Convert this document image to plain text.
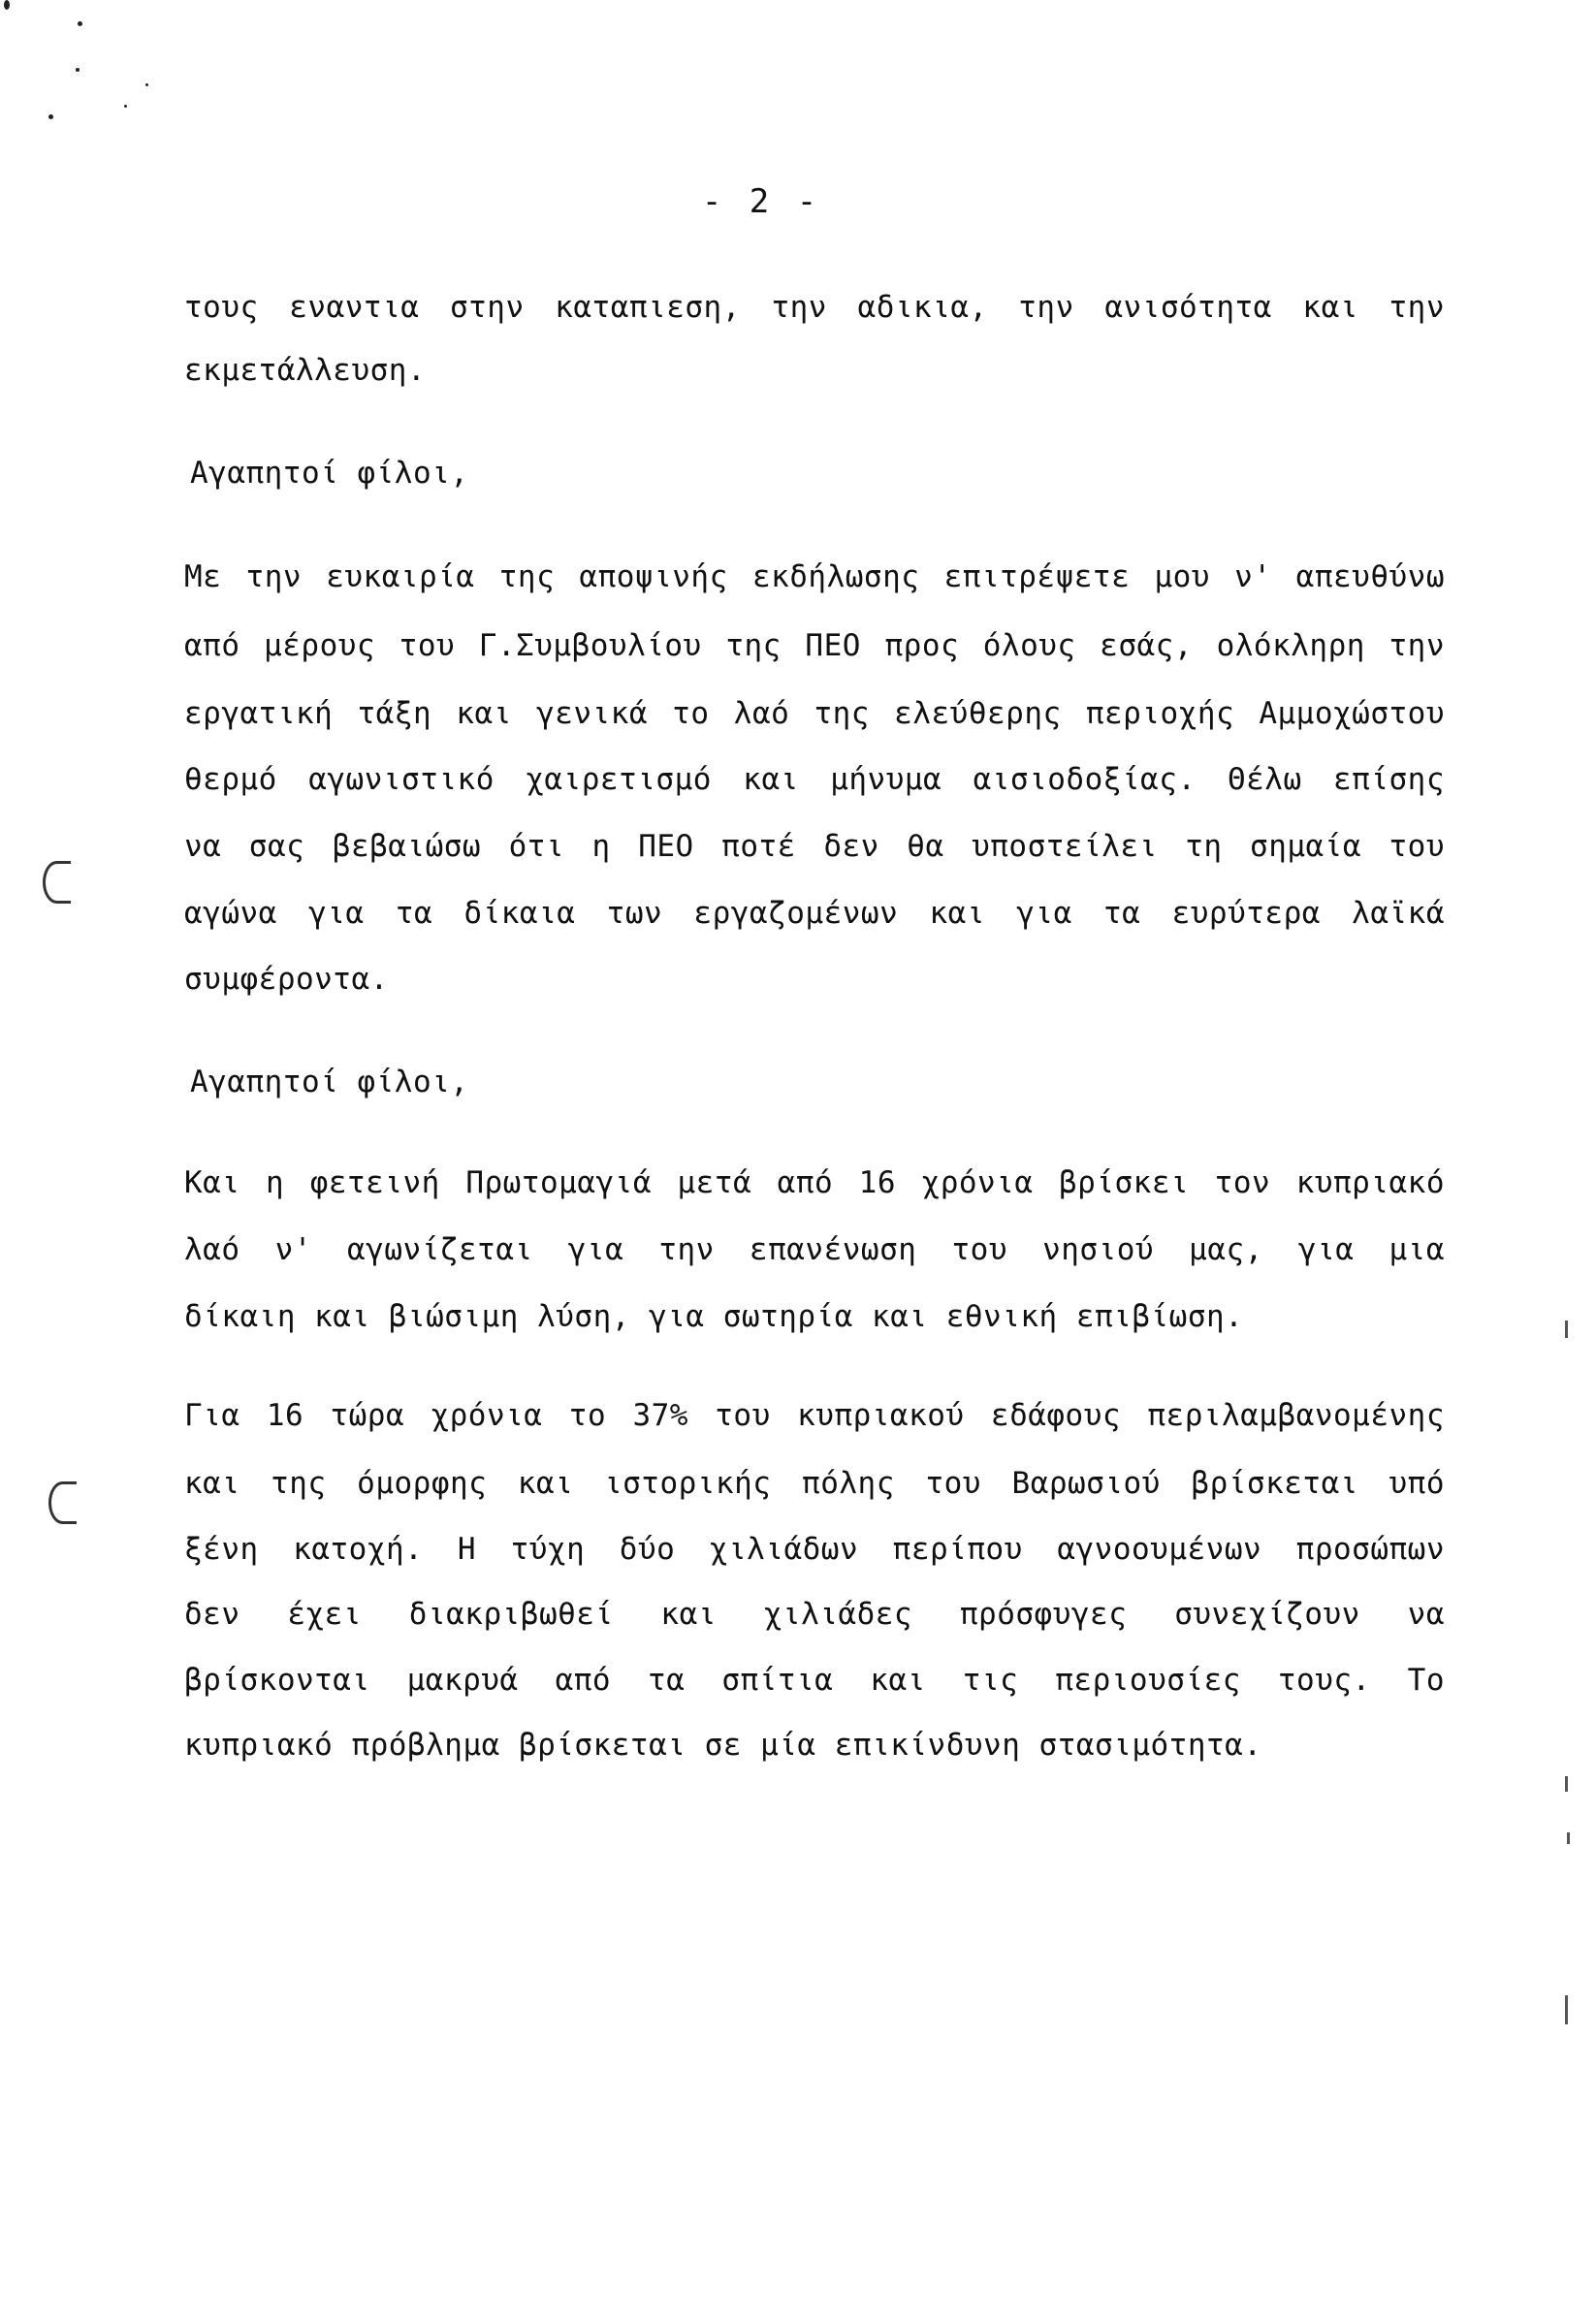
- 2 -
τους εναντια στην καταπιεση, την αδικια, την ανισότητα και την
εκμετάλλευση.
Αγαπητοί φίλοι,
Με την ευκαιρία της αποψινής εκδήλωσης επιτρέψετε μου ν' απευθύνω
από μέρους του Γ.Συμβουλίου της ΠΕΟ προς όλους εσάς, ολόκληρη την
εργατική τάξη και γενικά το λαό της ελεύθερης περιοχής Αμμοχώστου
θερμό αγωνιστικό χαιρετισμό και μήνυμα αισιοδοξίας. Θέλω επίσης
να σας βεβαιώσω ότι η ΠΕΟ ποτέ δεν θα υποστείλει τη σημαία του
αγώνα για τα δίκαια των εργαζομένων και για τα ευρύτερα λαϊκά
συμφέροντα.
Αγαπητοί φίλοι,
Και η φετεινή Πρωτομαγιά μετά από 16 χρόνια βρίσκει τον κυπριακό
λαό ν' αγωνίζεται για την επανένωση του νησιού μας, για μια
δίκαιη και βιώσιμη λύση, για σωτηρία και εθνική επιβίωση.
Για 16 τώρα χρόνια το 37% του κυπριακού εδάφους περιλαμβανομένης
και της όμορφης και ιστορικής πόλης του Βαρωσιού βρίσκεται υπό
ξένη κατοχή. Η τύχη δύο χιλιάδων περίπου αγνοουμένων προσώπων
δεν έχει διακριβωθεί και χιλιάδες πρόσφυγες συνεχίζουν να
βρίσκονται μακρυά από τα σπίτια και τις περιουσίες τους. Το
κυπριακό πρόβλημα βρίσκεται σε μία επικίνδυνη στασιμότητα.
